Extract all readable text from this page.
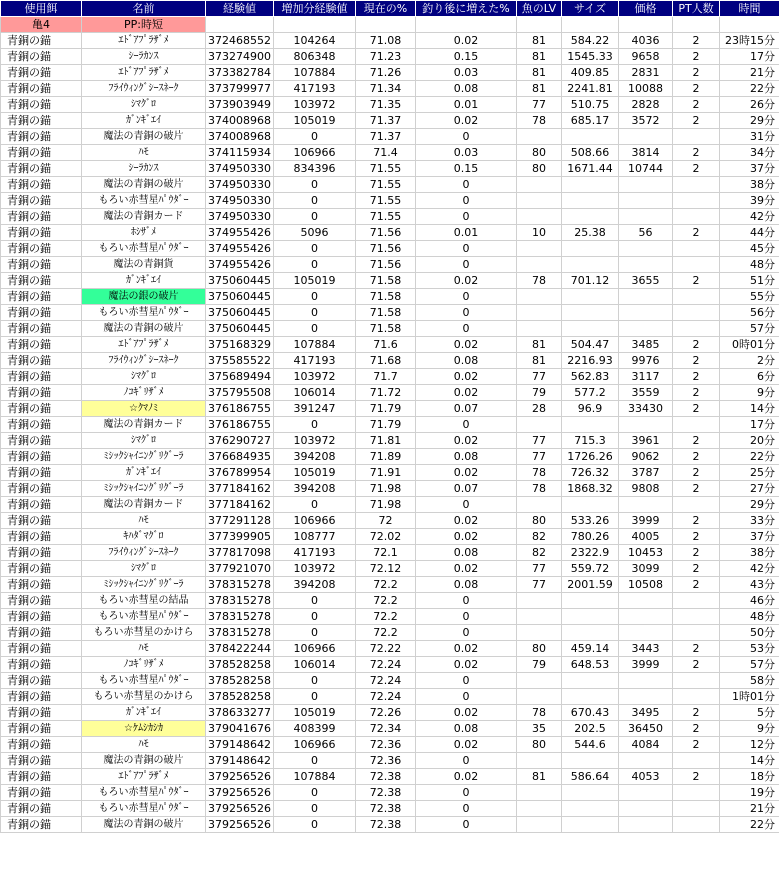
使用餌	名前	経験値	増加分経験値	現在の%	釣り後に増えた%	魚のLV	サイズ	価格	PT人数	時間
亀4	PP:時短									
青銅の錨	ｴﾄﾞｱﾌﾟﾗｻﾞﾒ	372468552	104264	71.08	0.02	81	584.22	4036	2	23時15分
青銅の錨	ｼｰﾗｶﾝｽ	373274900	806348	71.23	0.15	81	1545.33	9658	2	17分
青銅の錨	ｴﾄﾞｱﾌﾟﾗｻﾞﾒ	373382784	107884	71.26	0.03	81	409.85	2831	2	21分
青銅の錨	ﾌﾗｲｳｨﾝｸﾞｼｰｽﾈｰｸ	373799977	417193	71.34	0.08	81	2241.81	10088	2	22分
青銅の錨	ｼﾏｸﾞﾛ	373903949	103972	71.35	0.01	77	510.75	2828	2	26分
青銅の錨	ｶﾞﾝｷﾞｴｲ	374008968	105019	71.37	0.02	78	685.17	3572	2	29分
青銅の錨	魔法の青銅の破片	374008968	0	71.37	0					31分
青銅の錨	ﾊﾓ	374115934	106966	71.4	0.03	80	508.66	3814	2	34分
青銅の錨	ｼｰﾗｶﾝｽ	374950330	834396	71.55	0.15	80	1671.44	10744	2	37分
青銅の錨	魔法の青銅の破片	374950330	0	71.55	0					38分
青銅の錨	もろい赤彗星ﾊﾟｳﾀﾞｰ	374950330	0	71.55	0					39分
青銅の錨	魔法の青銅カード	374950330	0	71.55	0					42分
青銅の錨	ﾎｼｻﾞﾒ	374955426	5096	71.56	0.01	10	25.38	56	2	44分
青銅の錨	もろい赤彗星ﾊﾟｳﾀﾞｰ	374955426	0	71.56	0					45分
青銅の錨	魔法の青銅貨	374955426	0	71.56	0					48分
青銅の錨	ｶﾞﾝｷﾞｴｲ	375060445	105019	71.58	0.02	78	701.12	3655	2	51分
青銅の錨	魔法の銀の破片	375060445	0	71.58	0					55分
青銅の錨	もろい赤彗星ﾊﾟｳﾀﾞｰ	375060445	0	71.58	0					56分
青銅の錨	魔法の青銅の破片	375060445	0	71.58	0					57分
青銅の錨	ｴﾄﾞｱﾌﾟﾗｻﾞﾒ	375168329	107884	71.6	0.02	81	504.47	3485	2	0時01分
青銅の錨	ﾌﾗｲｳｨﾝｸﾞｼｰｽﾈｰｸ	375585522	417193	71.68	0.08	81	2216.93	9976	2	2分
青銅の錨	ｼﾏｸﾞﾛ	375689494	103972	71.7	0.02	77	562.83	3117	2	6分
青銅の錨	ﾉｺｷﾞﾘｻﾞﾒ	375795508	106014	71.72	0.02	79	577.2	3559	2	9分
青銅の錨	☆ｸﾏﾉﾐ	376186755	391247	71.79	0.07	28	96.9	33430	2	14分
青銅の錨	魔法の青銅カード	376186755	0	71.79	0					17分
青銅の錨	ｼﾏｸﾞﾛ	376290727	103972	71.81	0.02	77	715.3	3961	2	20分
青銅の錨	ﾐｼｯｸｼｬｲﾆﾝｸﾞﾘｸﾞｰﾗ	376684935	394208	71.89	0.08	77	1726.26	9062	2	22分
青銅の錨	ｶﾞﾝｷﾞｴｲ	376789954	105019	71.91	0.02	78	726.32	3787	2	25分
青銅の錨	ﾐｼｯｸｼｬｲﾆﾝｸﾞﾘｸﾞｰﾗ	377184162	394208	71.98	0.07	78	1868.32	9808	2	27分
青銅の錨	魔法の青銅カード	377184162	0	71.98	0					29分
青銅の錨	ﾊﾓ	377291128	106966	72	0.02	80	533.26	3999	2	33分
青銅の錨	ｷﾊﾀﾞﾏｸﾞﾛ	377399905	108777	72.02	0.02	82	780.26	4005	2	37分
青銅の錨	ﾌﾗｲｳｨﾝｸﾞｼｰｽﾈｰｸ	377817098	417193	72.1	0.08	82	2322.9	10453	2	38分
青銅の錨	ｼﾏｸﾞﾛ	377921070	103972	72.12	0.02	77	559.72	3099	2	42分
青銅の錨	ﾐｼｯｸｼｬｲﾆﾝｸﾞﾘｸﾞｰﾗ	378315278	394208	72.2	0.08	77	2001.59	10508	2	43分
青銅の錨	もろい赤彗星の結晶	378315278	0	72.2	0					46分
青銅の錨	もろい赤彗星ﾊﾟｳﾀﾞｰ	378315278	0	72.2	0					48分
青銅の錨	もろい赤彗星のかけら	378315278	0	72.2	0					50分
青銅の錨	ﾊﾓ	378422244	106966	72.22	0.02	80	459.14	3443	2	53分
青銅の錨	ﾉｺｷﾞﾘｻﾞﾒ	378528258	106014	72.24	0.02	79	648.53	3999	2	57分
青銅の錨	もろい赤彗星ﾊﾟｳﾀﾞｰ	378528258	0	72.24	0					58分
青銅の錨	もろい赤彗星のかけら	378528258	0	72.24	0					1時01分
青銅の錨	ｶﾞﾝｷﾞｴｲ	378633277	105019	72.26	0.02	78	670.43	3495	2	5分
青銅の錨	☆ｹﾑｼｶｼｶ	379041676	408399	72.34	0.08	35	202.5	36450	2	9分
青銅の錨	ﾊﾓ	379148642	106966	72.36	0.02	80	544.6	4084	2	12分
青銅の錨	魔法の青銅の破片	379148642	0	72.36	0					14分
青銅の錨	ｴﾄﾞｱﾌﾟﾗｻﾞﾒ	379256526	107884	72.38	0.02	81	586.64	4053	2	18分
青銅の錨	もろい赤彗星ﾊﾟｳﾀﾞｰ	379256526	0	72.38	0					19分
青銅の錨	もろい赤彗星ﾊﾟｳﾀﾞｰ	379256526	0	72.38	0					21分
青銅の錨	魔法の青銅の破片	379256526	0	72.38	0					22分
